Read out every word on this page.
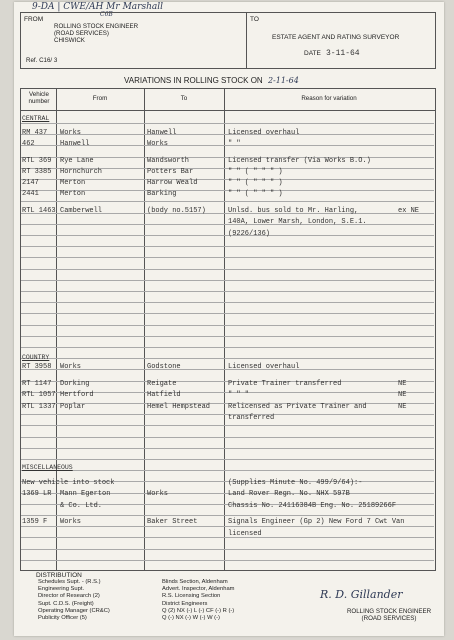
9-DA | CWE/AH Mr Marshall
C6B
FROM
ROLLING STOCK ENGINEER
(ROAD SERVICES)
CHISWICK
Ref. C16/ 3
TO
ESTATE AGENT AND RATING SURVEYOR
DATE 3-11-64
VARIATIONS IN ROLLING STOCK ON 2-11-64
Vehicle number	From	To	Reason for variation
CENTRAL
COUNTRY
MISCELLANEOUS
RM 437 Works	Hanwell	Licensed overhaul
462	Hanwell	Works	" "
RTL 369 Rye Lane	Wandsworth	Licensed transfer (Via Works B.O.)
RT 3385 Hornchurch	Potters Bar	" " ( " " " )
2147	Merton	Harrow Weald	" " ( " " " )
2441	Merton	Barking	" " ( " " " )
RTL 1463 Camberwell	(body no.5157)	Unlsd. bus sold to Mr. Harling,	ex NE
140A, Lower Marsh, London, S.E.1.
(9226/136)
RT 3958 Works	Godstone	Licensed overhaul
RT 1147 Dorking	Reigate	Private Trainer transferred	NE
RTL 1057 Hertford	Hatfield	" " "	NE
RTL 1337 Poplar	Hemel Hempstead	Relicensed as Private Trainer and	NE
transferred
New vehicle into stock	(Supplies Minute No. 499/9/64):-
1369 LR Mann Egerton	Works	Land Rover Regn. No. NHX 597B
& Co. Ltd.	Chassis No. 24116384B Eng. No. 25189266F
1359 F Works	Baker Street	Signals Engineer (Gp 2) New Ford 7 Cwt Van
licensed
DISTRIBUTION
Schedules Supt. - (R.S.)
Engineering Supt.
Director of Research (2)
Supt. C.D.S. (Freight)
Operating Manager (CR&C)
Publicity Officer (5)
Blinds Section, Aldenham
Advert. Inspector, Aldenham
R.S. Licensing Section
District Engineers
Q (2) NX (-) L (-) CF (-) R (-)
Q (-) NX (-) W (-) W (-)
R. D. Gillander
ROLLING STOCK ENGINEER
(ROAD SERVICES)
